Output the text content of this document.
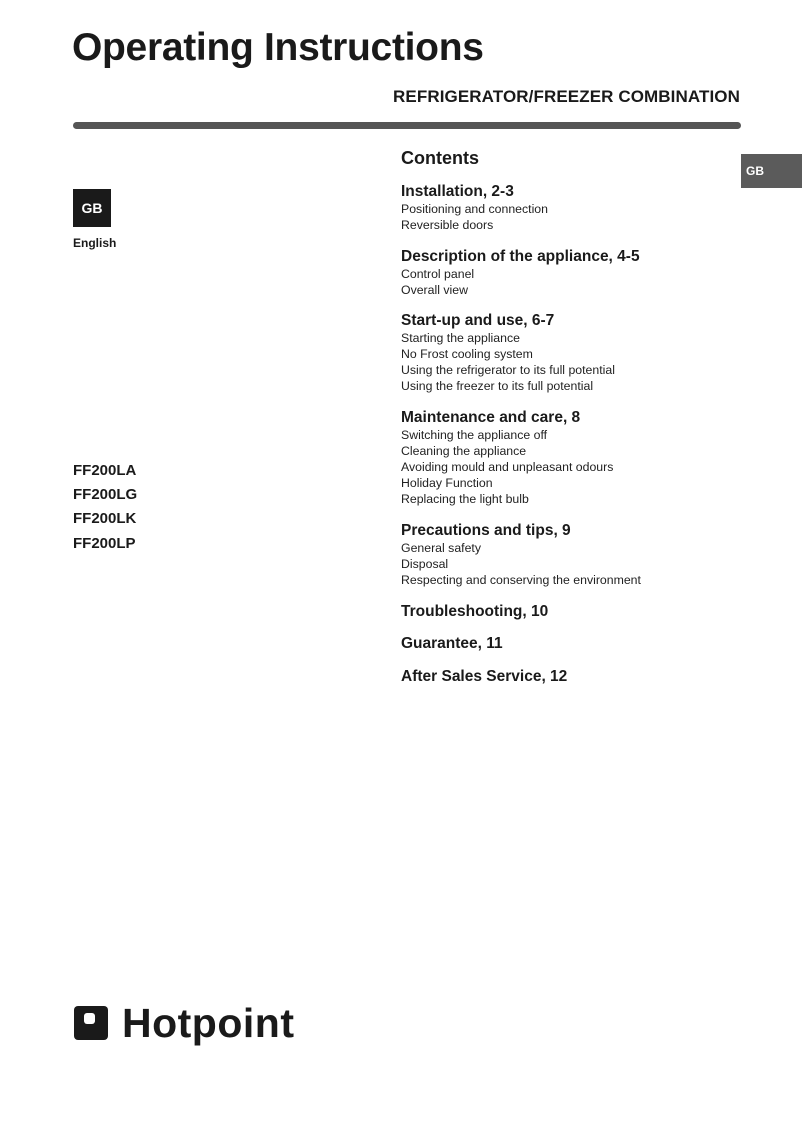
Operating Instructions
REFRIGERATOR/FREEZER COMBINATION
GB
English
GB
FF200LA
FF200LG
FF200LK
FF200LP
Contents
Installation, 2-3
Positioning and connection
Reversible doors
Description of the appliance, 4-5
Control panel
Overall view
Start-up and use, 6-7
Starting the appliance
No Frost cooling system
Using the refrigerator to its full potential
Using the freezer to its full potential
Maintenance and care, 8
Switching the appliance off
Cleaning the appliance
Avoiding mould and unpleasant odours
Holiday Function
Replacing the light bulb
Precautions and tips, 9
General safety
Disposal
Respecting and conserving the environment
Troubleshooting, 10
Guarantee, 11
After Sales Service, 12
Hotpoint
